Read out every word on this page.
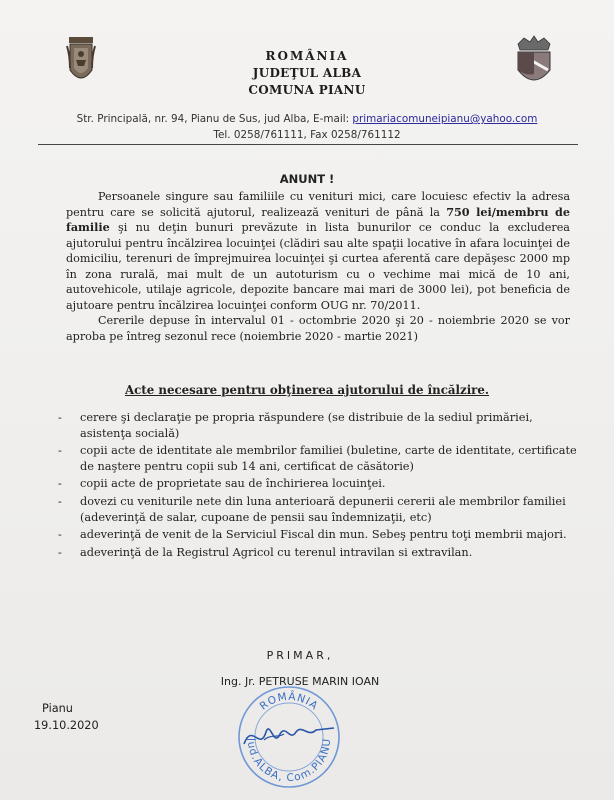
ROMÂNIA
JUDEŢUL ALBA
COMUNA PIANU
Str. Principală, nr. 94, Pianu de Sus, jud Alba, E-mail: primariacomuneipianu@yahoo.com
Tel. 0258/761111, Fax 0258/761112
ANUNT !

Persoanele singure sau familiile cu venituri mici, care locuiesc efectiv la adresa pentru care se solicită ajutorul, realizează venituri de până la 750 lei/membru de familie şi nu deţin bunuri prevăzute in lista bunurilor ce conduc la excluderea ajutorului pentru încălzirea locuinţei (clădiri sau alte spaţii locative în afara locuinţei de domiciliu, terenuri de împrejmuirea locuinţei şi curtea aferentă care depăşesc 2000 mp în zona rurală, mai mult de un autoturism cu o vechime mai mică de 10 ani, autovehicole, utilaje agricole, depozite bancare mai mari de 3000 lei), pot beneficia de ajutoare pentru încălzirea locuinţei conform OUG nr. 70/2011.

Cererile depuse în intervalul 01 - octombrie 2020 şi 20 - noiembrie 2020 se vor aproba pe întreg sezonul rece (noiembrie 2020 - martie 2021)

Acte necesare pentru obţinerea ajutorului de încălzire.
- cerere şi declaraţie pe propria răspundere (se distribuie de la sediul primăriei, asistenţa socială)
- copii acte de identitate ale membrilor familiei (buletine, carte de identitate, certificate de naştere pentru copii sub 14 ani, certificat de căsătorie)
- copii acte de proprietate sau de închirierea locuinţei.
- dovezi cu veniturile nete din luna anterioară depunerii cererii ale membrilor familiei (adeverinţă de salar, cupoane de pensii sau îndemnizaţii, etc)
- adeverinţă de venit de la Serviciul Fiscal din mun. Sebeş pentru toţi membrii majori.
- adeverinţă de la Registrul Agricol cu terenul intravilan si extravilan.
PRIMAR,
Ing. Jr. PETRUSE MARIN IOAN
Pianu
19.10.2020
ROMÂNIA
Jud.ALBA, Com.PIANU
